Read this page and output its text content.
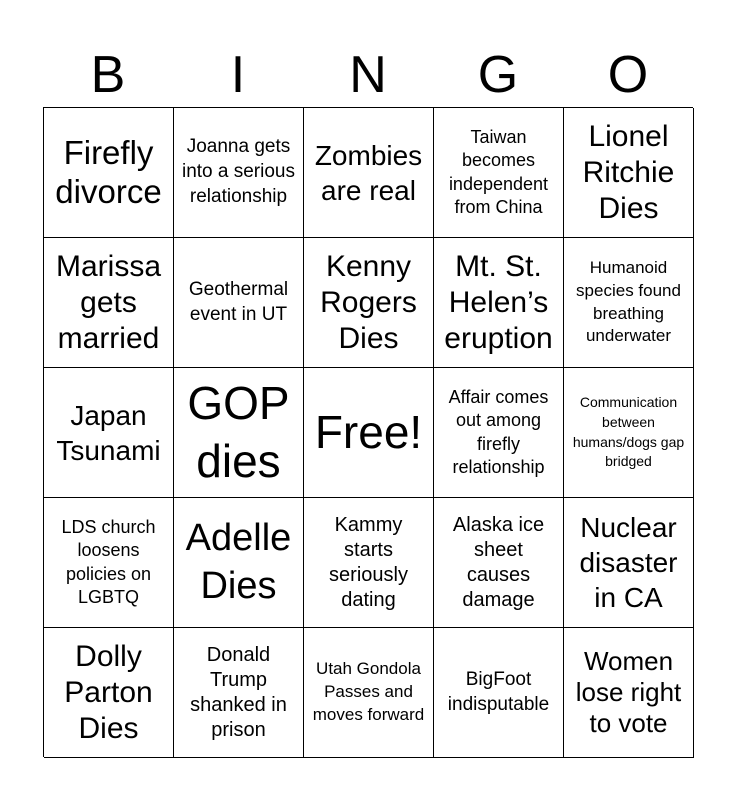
B	I	N	G	O
Firefly divorce
Joanna gets into a serious relationship
Zombies are real
Taiwan becomes independent from China
Lionel Ritchie Dies
Marissa gets married
Geothermal event in UT
Kenny Rogers Dies
Mt. St. Helen’s eruption
Humanoid species found breathing underwater
Japan Tsunami
GOP dies
Free!
Affair comes out among firefly relationship
Communication between humans/dogs gap bridged
LDS church loosens policies on LGBTQ
Adelle Dies
Kammy starts seriously dating
Alaska ice sheet causes damage
Nuclear disaster in CA
Dolly Parton Dies
Donald Trump shanked in prison
Utah Gondola Passes and moves forward
BigFoot indisputable
Women lose right to vote
